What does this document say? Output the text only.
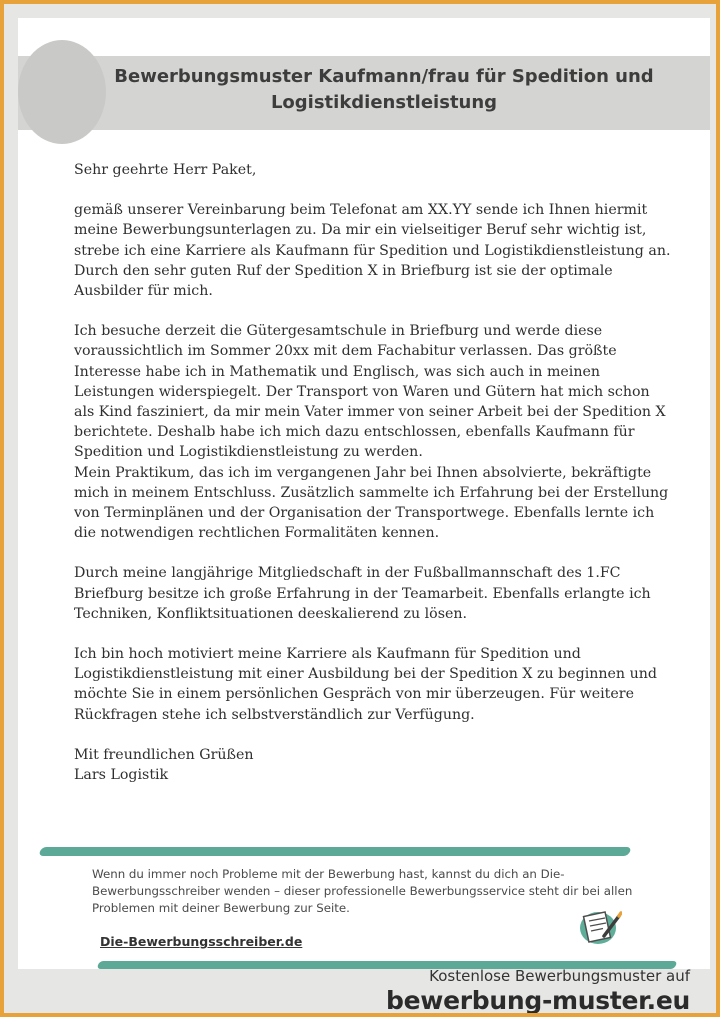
Bewerbungsmuster Kaufmann/frau für Spedition und
Logistikdienstleistung

Sehr geehrte Herr Paket,

gemäß unserer Vereinbarung beim Telefonat am XX.YY sende ich Ihnen hiermit meine Bewerbungsunterlagen zu. Da mir ein vielseitiger Beruf sehr wichtig ist, strebe ich eine Karriere als Kaufmann für Spedition und Logistikdienstleistung an. Durch den sehr guten Ruf der Spedition X in Briefburg ist sie der optimale Ausbilder für mich.

Ich besuche derzeit die Gütergesamtschule in Briefburg und werde diese voraussichtlich im Sommer 20xx mit dem Fachabitur verlassen. Das größte Interesse habe ich in Mathematik und Englisch, was sich auch in meinen Leistungen widerspiegelt. Der Transport von Waren und Gütern hat mich schon als Kind fasziniert, da mir mein Vater immer von seiner Arbeit bei der Spedition X berichtete. Deshalb habe ich mich dazu entschlossen, ebenfalls Kaufmann für Spedition und Logistikdienstleistung zu werden.

Mein Praktikum, das ich im vergangenen Jahr bei Ihnen absolvierte, bekräftigte mich in meinem Entschluss. Zusätzlich sammelte ich Erfahrung bei der Erstellung von Terminplänen und der Organisation der Transportwege. Ebenfalls lernte ich die notwendigen rechtlichen Formalitäten kennen.

Durch meine langjährige Mitgliedschaft in der Fußballmannschaft des 1.FC Briefburg besitze ich große Erfahrung in der Teamarbeit. Ebenfalls erlangte ich Techniken, Konfliktsituationen deeskalierend zu lösen.

Ich bin hoch motiviert meine Karriere als Kaufmann für Spedition und Logistikdienstleistung mit einer Ausbildung bei der Spedition X zu beginnen und möchte Sie in einem persönlichen Gespräch von mir überzeugen. Für weitere Rückfragen stehe ich selbstverständlich zur Verfügung.

Mit freundlichen Grüßen

Lars Logistik

Wenn du immer noch Probleme mit der Bewerbung hast, kannst du dich an Die-Bewerbungsschreiber wenden – dieser professionelle Bewerbungsservice steht dir bei allen Problemen mit deiner Bewerbung zur Seite.
Die-Bewerbungsschreiber.de
Kostenlose Bewerbungsmuster auf
bewerbung-muster.eu
